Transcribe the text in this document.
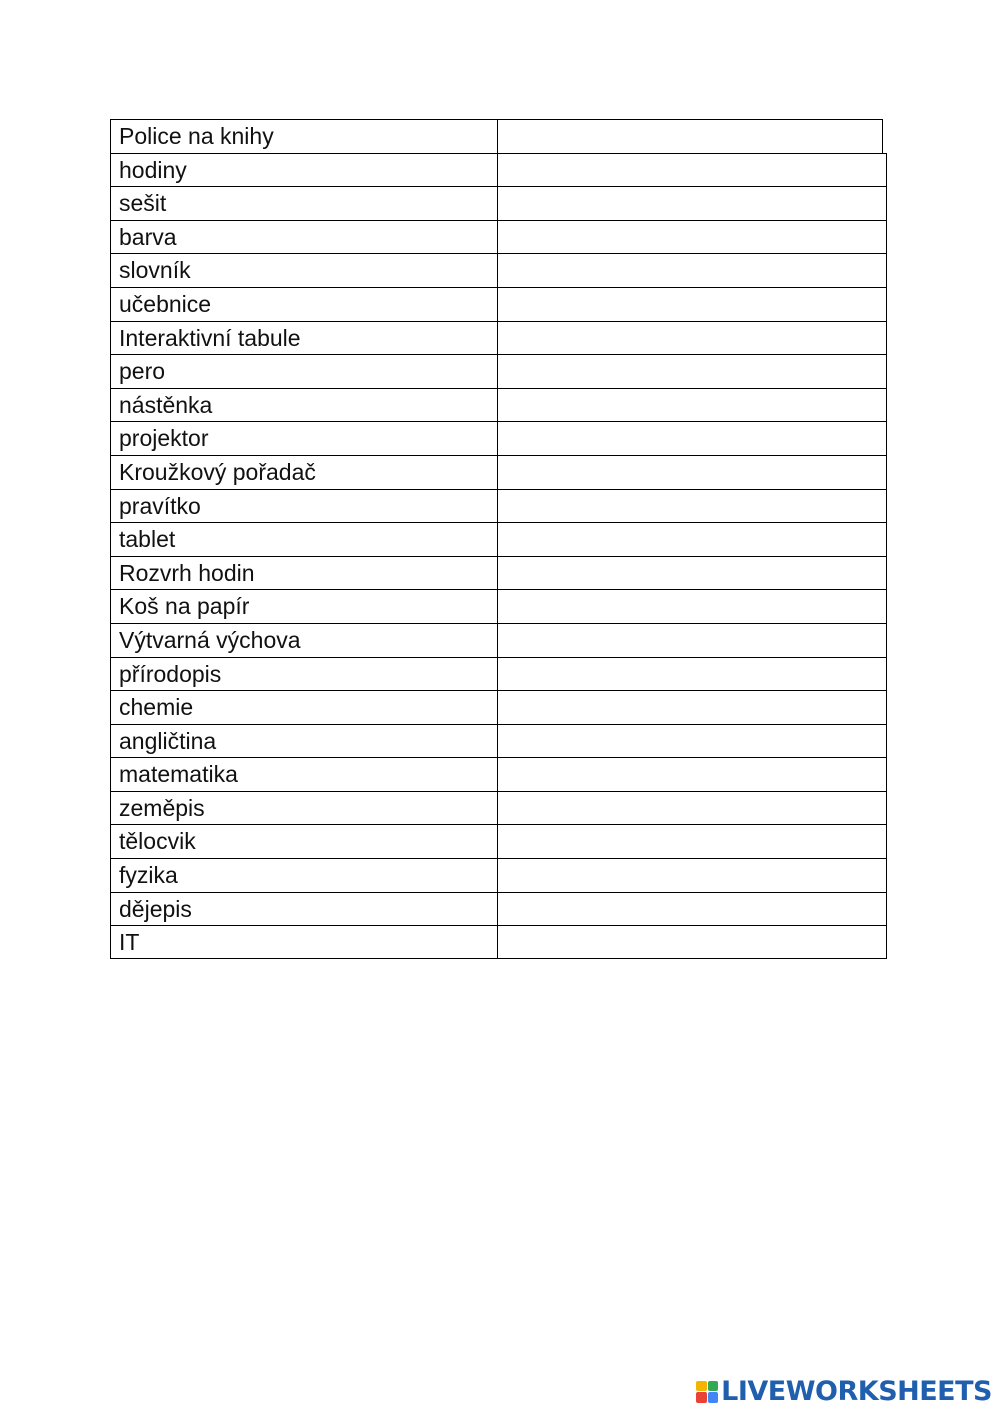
Police na knihy
hodiny
sešit
barva
slovník
učebnice
Interaktivní tabule
pero
nástěnka
projektor
Kroužkový pořadač
pravítko
tablet
Rozvrh hodin
Koš na papír
Výtvarná výchova
přírodopis
chemie
angličtina
matematika
zeměpis
tělocvik
fyzika
dějepis
IT
LIVEWORKSHEETS
